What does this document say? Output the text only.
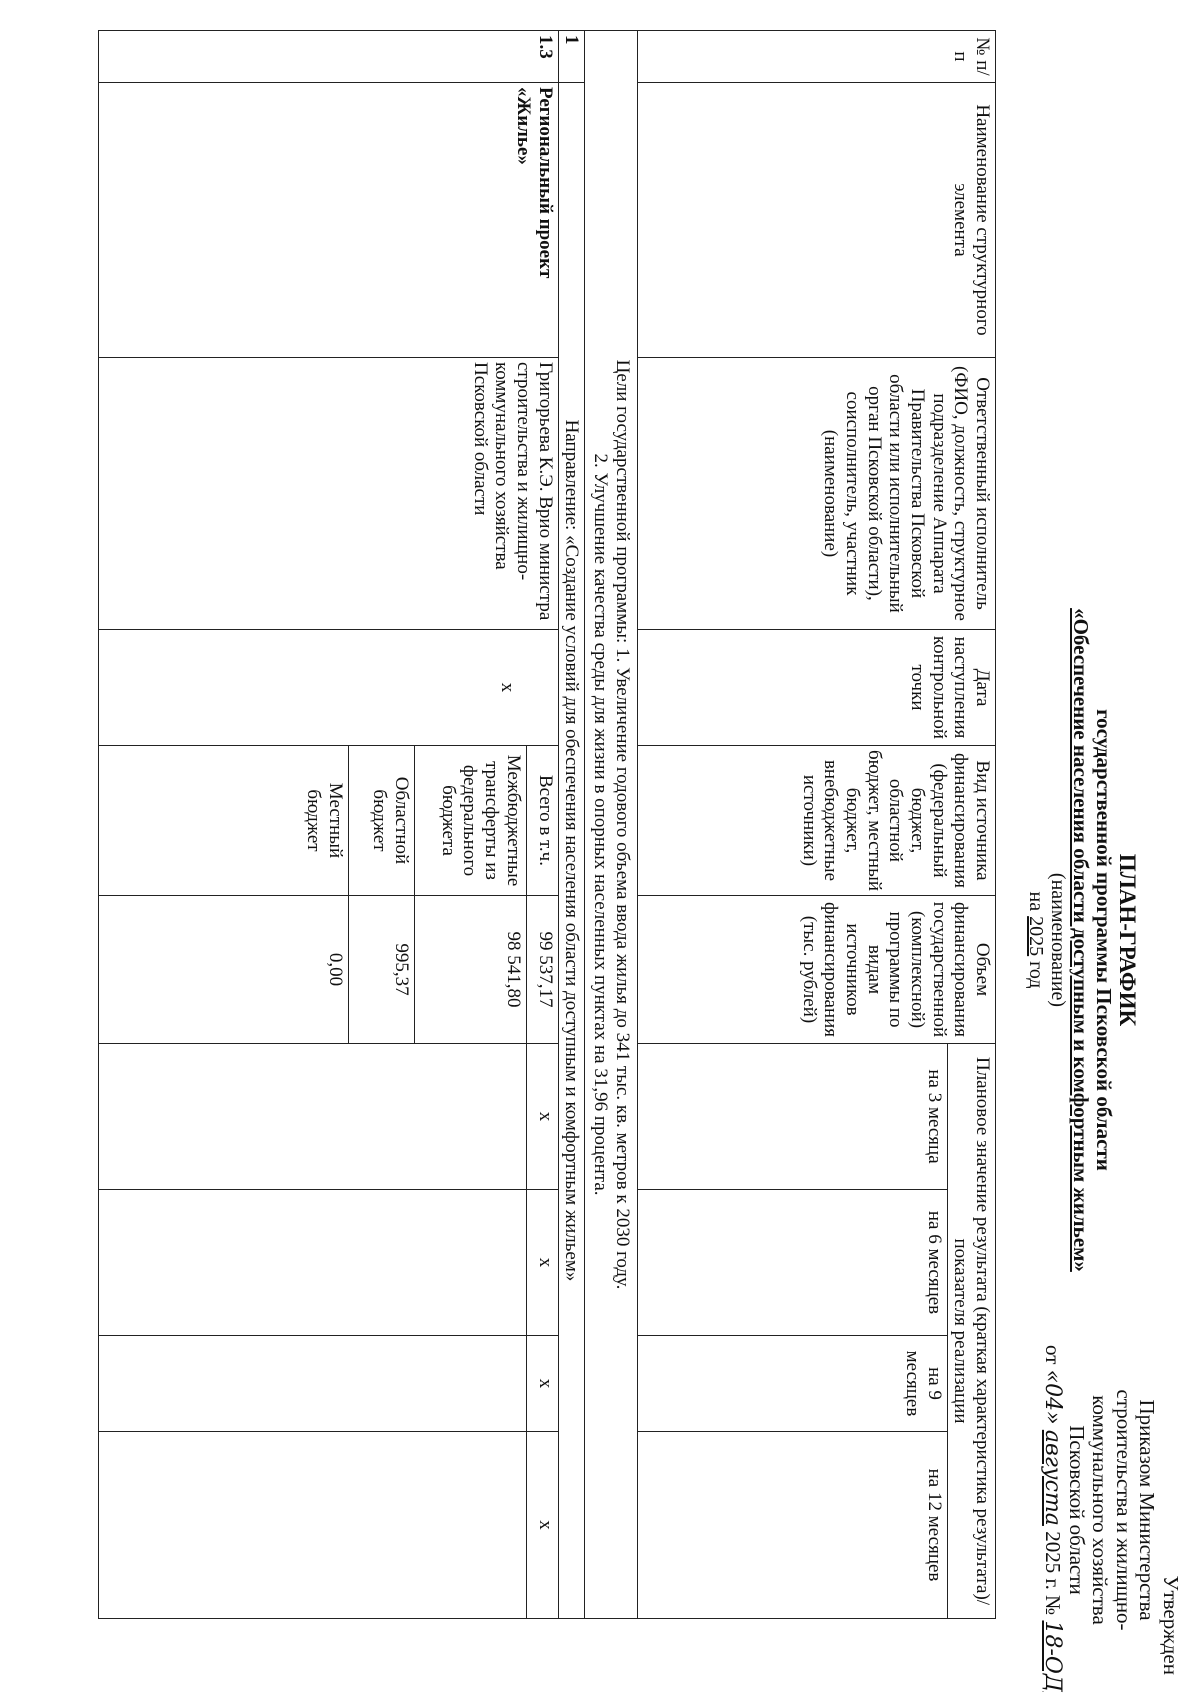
Утвержден
Приказом Министерства
строительства и жилищно-
коммунального хозяйства
Псковской области
от «04» августа 2025 г. № 18-ОД
ПЛАН-ГРАФИК
государственной программы Псковской области
«Обеспечение населения области доступным и комфортным жильем»
(наименование)
на 2025 год
№ п/п	Наименование структурного элемента	Ответственный исполнитель (ФИО, должность, структурное подразделение Аппарата Правительства Псковской области или исполнительный орган Псковской области), соисполнитель, участник (наименование)	Дата наступления контрольной точки	Вид источника финансирования (федеральный бюджет, областной бюджет, местный бюджет, внебюджетные источники)	Объем финансирования государственной (комплексной) программы по видам источников финансирования (тыс. рублей)	Плановое значение результата (краткая характеристика результата)/показателя реализации			
						на 3 месяца	на 6 месяцев	на 9 месяцев	на 12 месяцев

Цели государственной программы: 1. Увеличение годового объема ввода жилья до 341 тыс. кв. метров к 2030 году.
2. Улучшение качества среды для жизни в опорных населенных пунктах на 31,96 процента.									

1	Направление: «Создание условий для обеспечения населения области доступным и комфортным жильем»								
1.3	Региональный проект «Жилье»	Григорьева К.Э. Врио министра строительства и жилищно-коммунального хозяйства Псковской области	x	Всего в т.ч.	99 537,17	x	x	x	x
				Межбюджетные трансферты из федерального бюджета	98 541,80				
				Областной бюджет	995,37				
				Местный бюджет	0,00				
